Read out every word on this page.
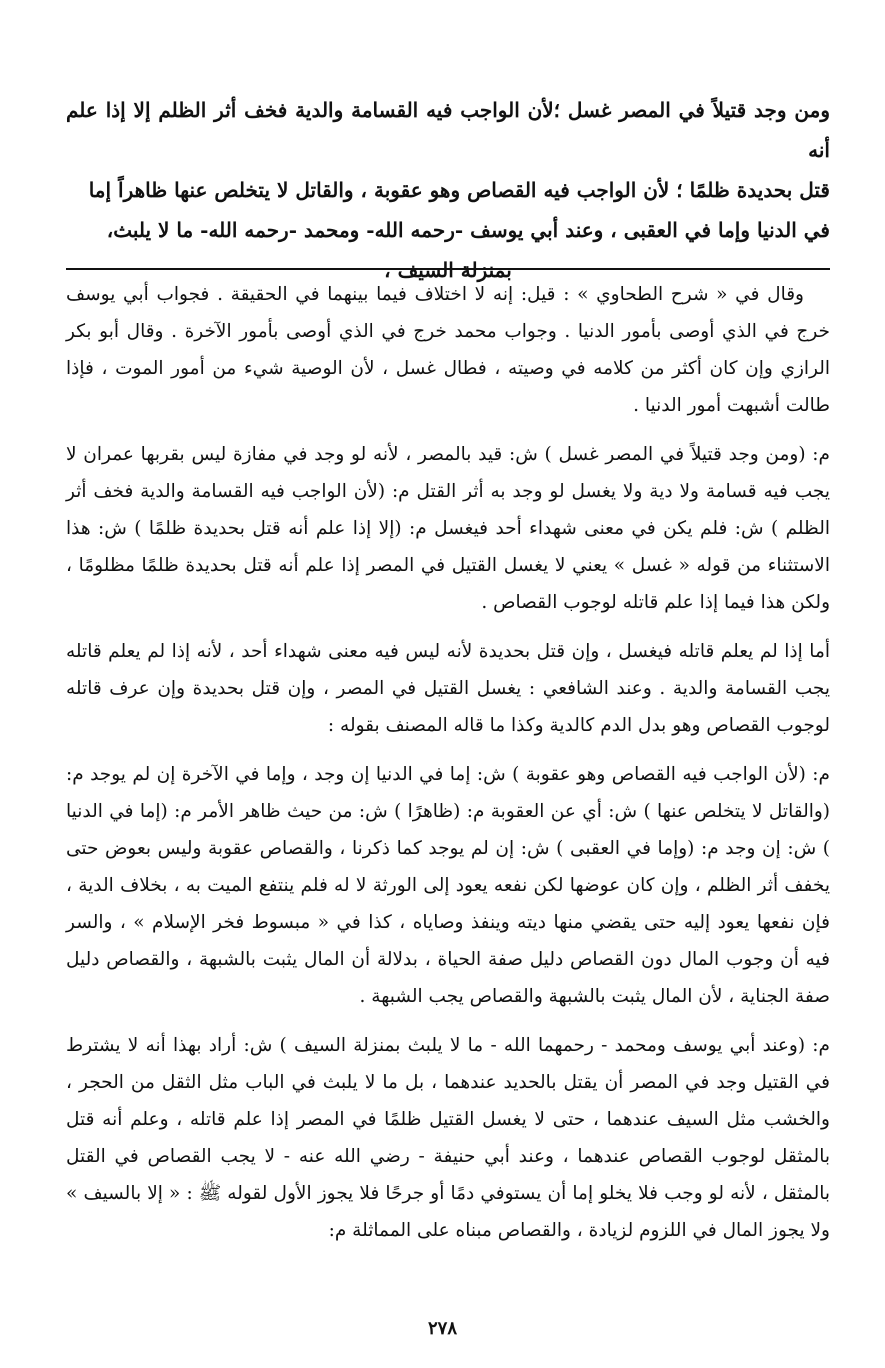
ومن وجد قتيلاً في المصر غسل ؛لأن الواجب فيه القسامة والدية فخف أثر الظلم إلا إذا علم أنه
قتل بحديدة ظلمًا ؛ لأن الواجب فيه القصاص وهو عقوبة ، والقاتل لا يتخلص عنها ظاهراً إما
في الدنيا وإما في العقبى ، وعند أبي يوسف -رحمه الله- ومحمد -رحمه الله- ما لا يلبث،
بمنزلة السيف ،

وقال في « شرح الطحاوي » : قيل: إنه لا اختلاف فيما بينهما في الحقيقة . فجواب أبي يوسف خرج في الذي أوصى بأمور الدنيا . وجواب محمد خرج في الذي أوصى بأمور الآخرة . وقال أبو بكر الرازي وإن كان أكثر من كلامه في وصيته ، فطال غسل ، لأن الوصية شيء من أمور الموت ، فإذا طالت أشبهت أمور الدنيا .

م: (ومن وجد قتيلاً في المصر غسل ) ش: قيد بالمصر ، لأنه لو وجد في مفازة ليس بقربها عمران لا يجب فيه قسامة ولا دية ولا يغسل لو وجد به أثر القتل م: (لأن الواجب فيه القسامة والدية فخف أثر الظلم ) ش: فلم يكن في معنى شهداء أحد فيغسل م: (إلا إذا علم أنه قتل بحديدة ظلمًا ) ش: هذا الاستثناء من قوله « غسل » يعني لا يغسل القتيل في المصر إذا علم أنه قتل بحديدة ظلمًا مظلومًا ، ولكن هذا فيما إذا علم قاتله لوجوب القصاص .

أما إذا لم يعلم قاتله فيغسل ، وإن قتل بحديدة لأنه ليس فيه معنى شهداء أحد ، لأنه إذا لم يعلم قاتله يجب القسامة والدية . وعند الشافعي : يغسل القتيل في المصر ، وإن قتل بحديدة وإن عرف قاتله لوجوب القصاص وهو بدل الدم كالدية وكذا ما قاله المصنف بقوله :

م: (لأن الواجب فيه القصاص وهو عقوبة ) ش: إما في الدنيا إن وجد ، وإما في الآخرة إن لم يوجد م: (والقاتل لا يتخلص عنها ) ش: أي عن العقوبة م: (ظاهرًا ) ش: من حيث ظاهر الأمر م: (إما في الدنيا ) ش: إن وجد م: (وإما في العقبى ) ش: إن لم يوجد كما ذكرنا ، والقصاص عقوبة وليس بعوض حتى يخفف أثر الظلم ، وإن كان عوضها لكن نفعه يعود إلى الورثة لا له فلم ينتفع الميت به ، بخلاف الدية ، فإن نفعها يعود إليه حتى يقضي منها ديته وينفذ وصاياه ، كذا في « مبسوط فخر الإسلام » ، والسر فيه أن وجوب المال دون القصاص دليل صفة الحياة ، بدلالة أن المال يثبت بالشبهة ، والقصاص دليل صفة الجناية ، لأن المال يثبت بالشبهة والقصاص يجب الشبهة .

م: (وعند أبي يوسف ومحمد - رحمهما الله - ما لا يلبث بمنزلة السيف ) ش: أراد بهذا أنه لا يشترط في القتيل وجد في المصر أن يقتل بالحديد عندهما ، بل ما لا يلبث في الباب مثل الثقل من الحجر ، والخشب مثل السيف عندهما ، حتى لا يغسل القتيل ظلمًا في المصر إذا علم قاتله ، وعلم أنه قتل بالمثقل لوجوب القصاص عندهما ، وعند أبي حنيفة - رضي الله عنه - لا يجب القصاص في القتل بالمثقل ، لأنه لو وجب فلا يخلو إما أن يستوفي دمًا أو جرحًا فلا يجوز الأول لقوله ﷺ : « إلا بالسيف » ولا يجوز المال في اللزوم لزيادة ، والقصاص مبناه على المماثلة م:

٢٧٨
